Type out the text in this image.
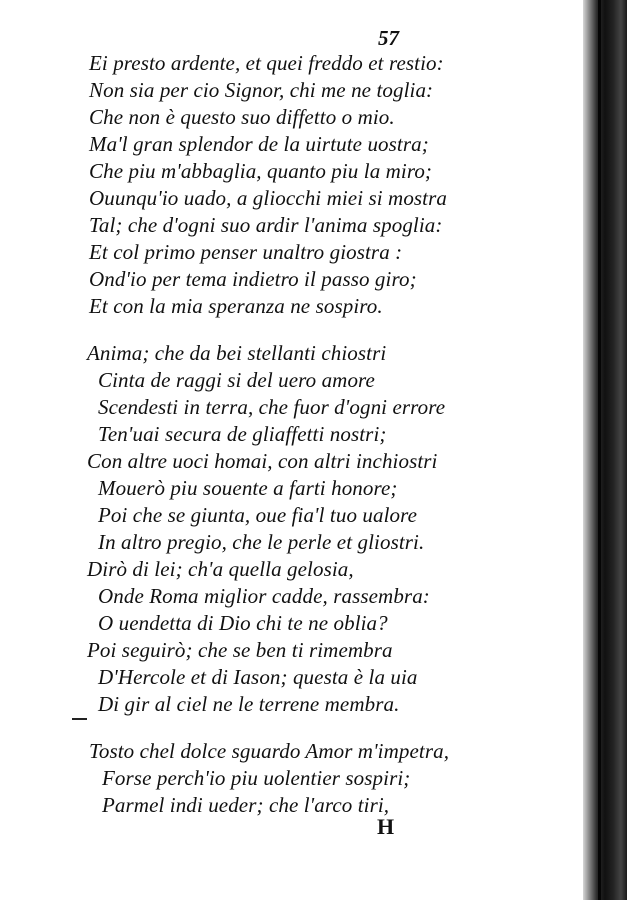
57
Ei presto ardente, et quei freddo et restio:
Non sia per cio Signor, chi me ne toglia:
Che non è questo suo diffetto o mio.
Ma'l gran splendor de la uirtute uostra;
Che piu m'abbaglia, quanto piu la miro;
Ouunqu'io uado, a gliocchi miei si mostra
Tal; che d'ogni suo ardir l'anima spoglia:
Et col primo penser unaltro giostra :
Ond'io per tema indietro il passo giro;
Et con la mia speranza ne sospiro.
Anima; che da bei stellanti chiostri
Cinta de raggi si del uero amore
Scendesti in terra, che fuor d'ogni errore
Ten'uai secura de gliaffetti nostri;
Con altre uoci homai, con altri inchiostri
Mouerò piu souente a farti honore;
Poi che se giunta, oue fia'l tuo ualore
In altro pregio, che le perle et gliostri.
Dirò di lei; ch'a quella gelosia,
Onde Roma miglior cadde, rassembra:
O uendetta di Dio chi te ne oblia?
Poi seguirò; che se ben ti rimembra
D'Hercole et di Iason; questa è la uia
Di gir al ciel ne le terrene membra.
Tosto chel dolce sguardo Amor m'impetra,
Forse perch'io piu uolentier sospiri;
Parmel indi ueder; che l'arco tiri,
H
